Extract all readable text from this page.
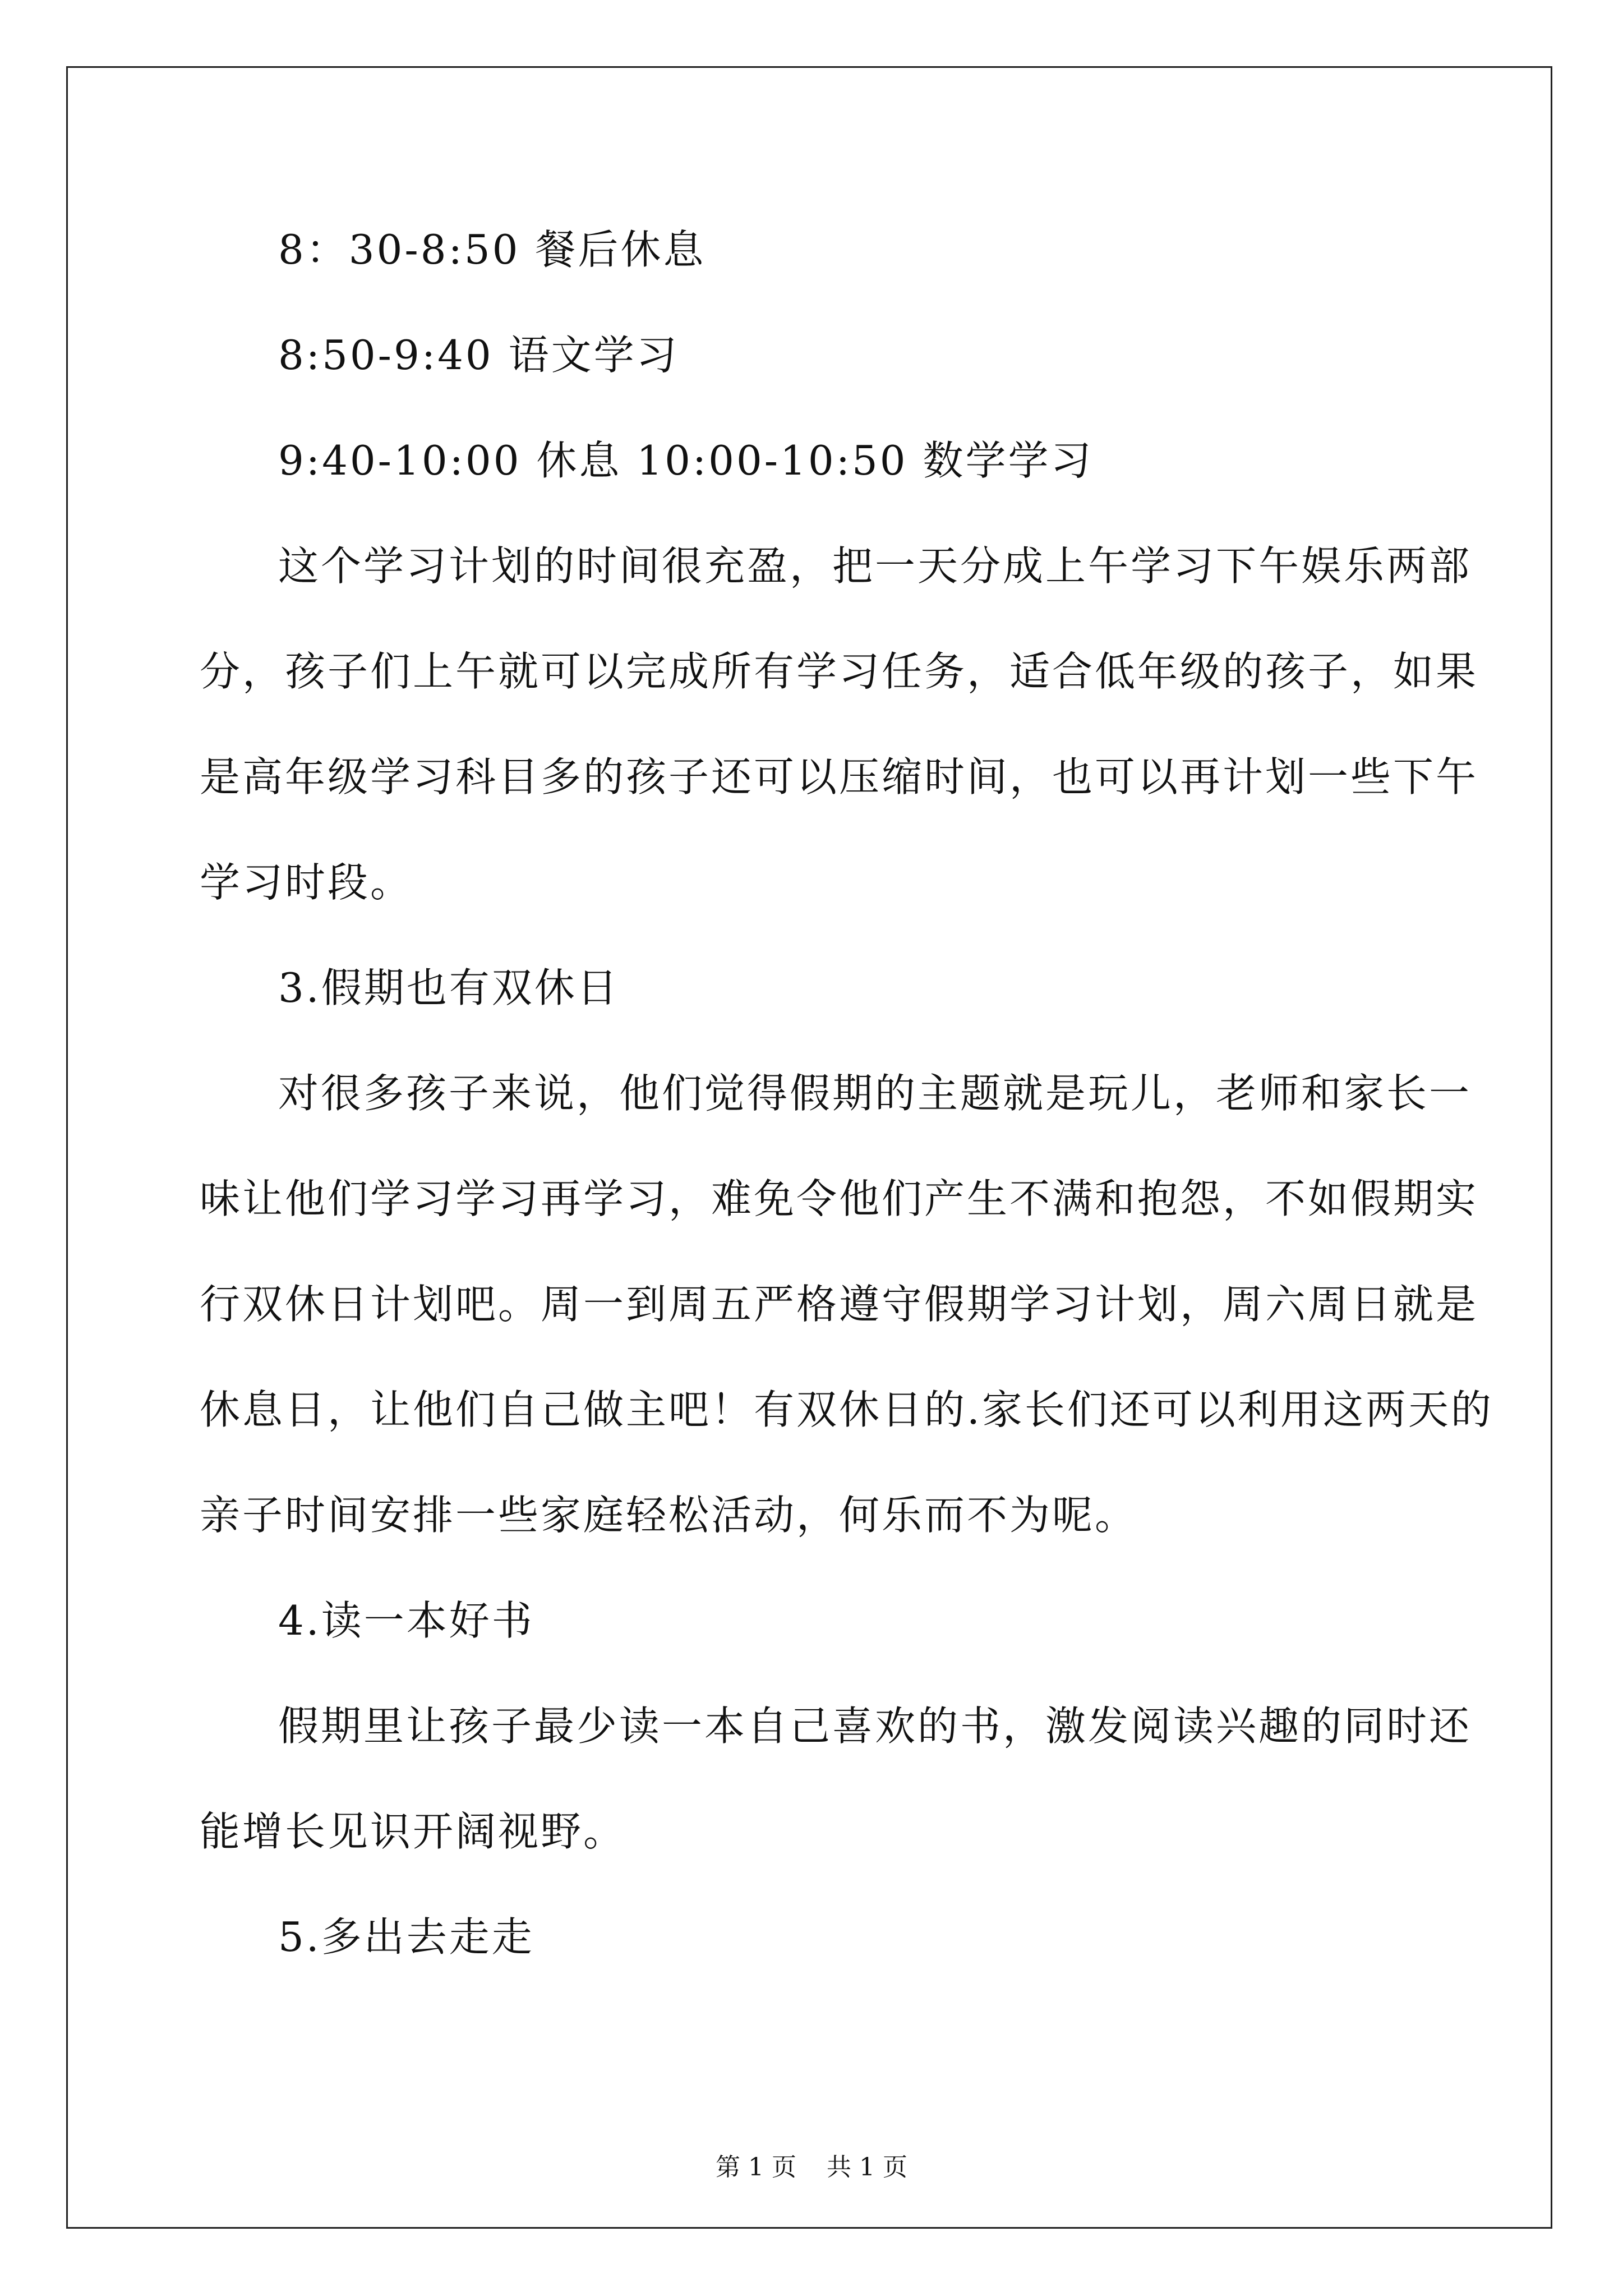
8：30-8:50 餐后休息
8:50-9:40 语文学习
9:40-10:00 休息 10:00-10:50 数学学习
这个学习计划的时间很充盈，把一天分成上午学习下午娱乐两部
分，孩子们上午就可以完成所有学习任务，适合低年级的孩子，如果
是高年级学习科目多的孩子还可以压缩时间，也可以再计划一些下午
学习时段。
3.假期也有双休日
对很多孩子来说，他们觉得假期的主题就是玩儿，老师和家长一
味让他们学习学习再学习，难免令他们产生不满和抱怨，不如假期实
行双休日计划吧。周一到周五严格遵守假期学习计划，周六周日就是
休息日，让他们自己做主吧！有双休日的.家长们还可以利用这两天的
亲子时间安排一些家庭轻松活动，何乐而不为呢。
4.读一本好书
假期里让孩子最少读一本自己喜欢的书，激发阅读兴趣的同时还
能增长见识开阔视野。
5.多出去走走
第 1 页 共 1 页
